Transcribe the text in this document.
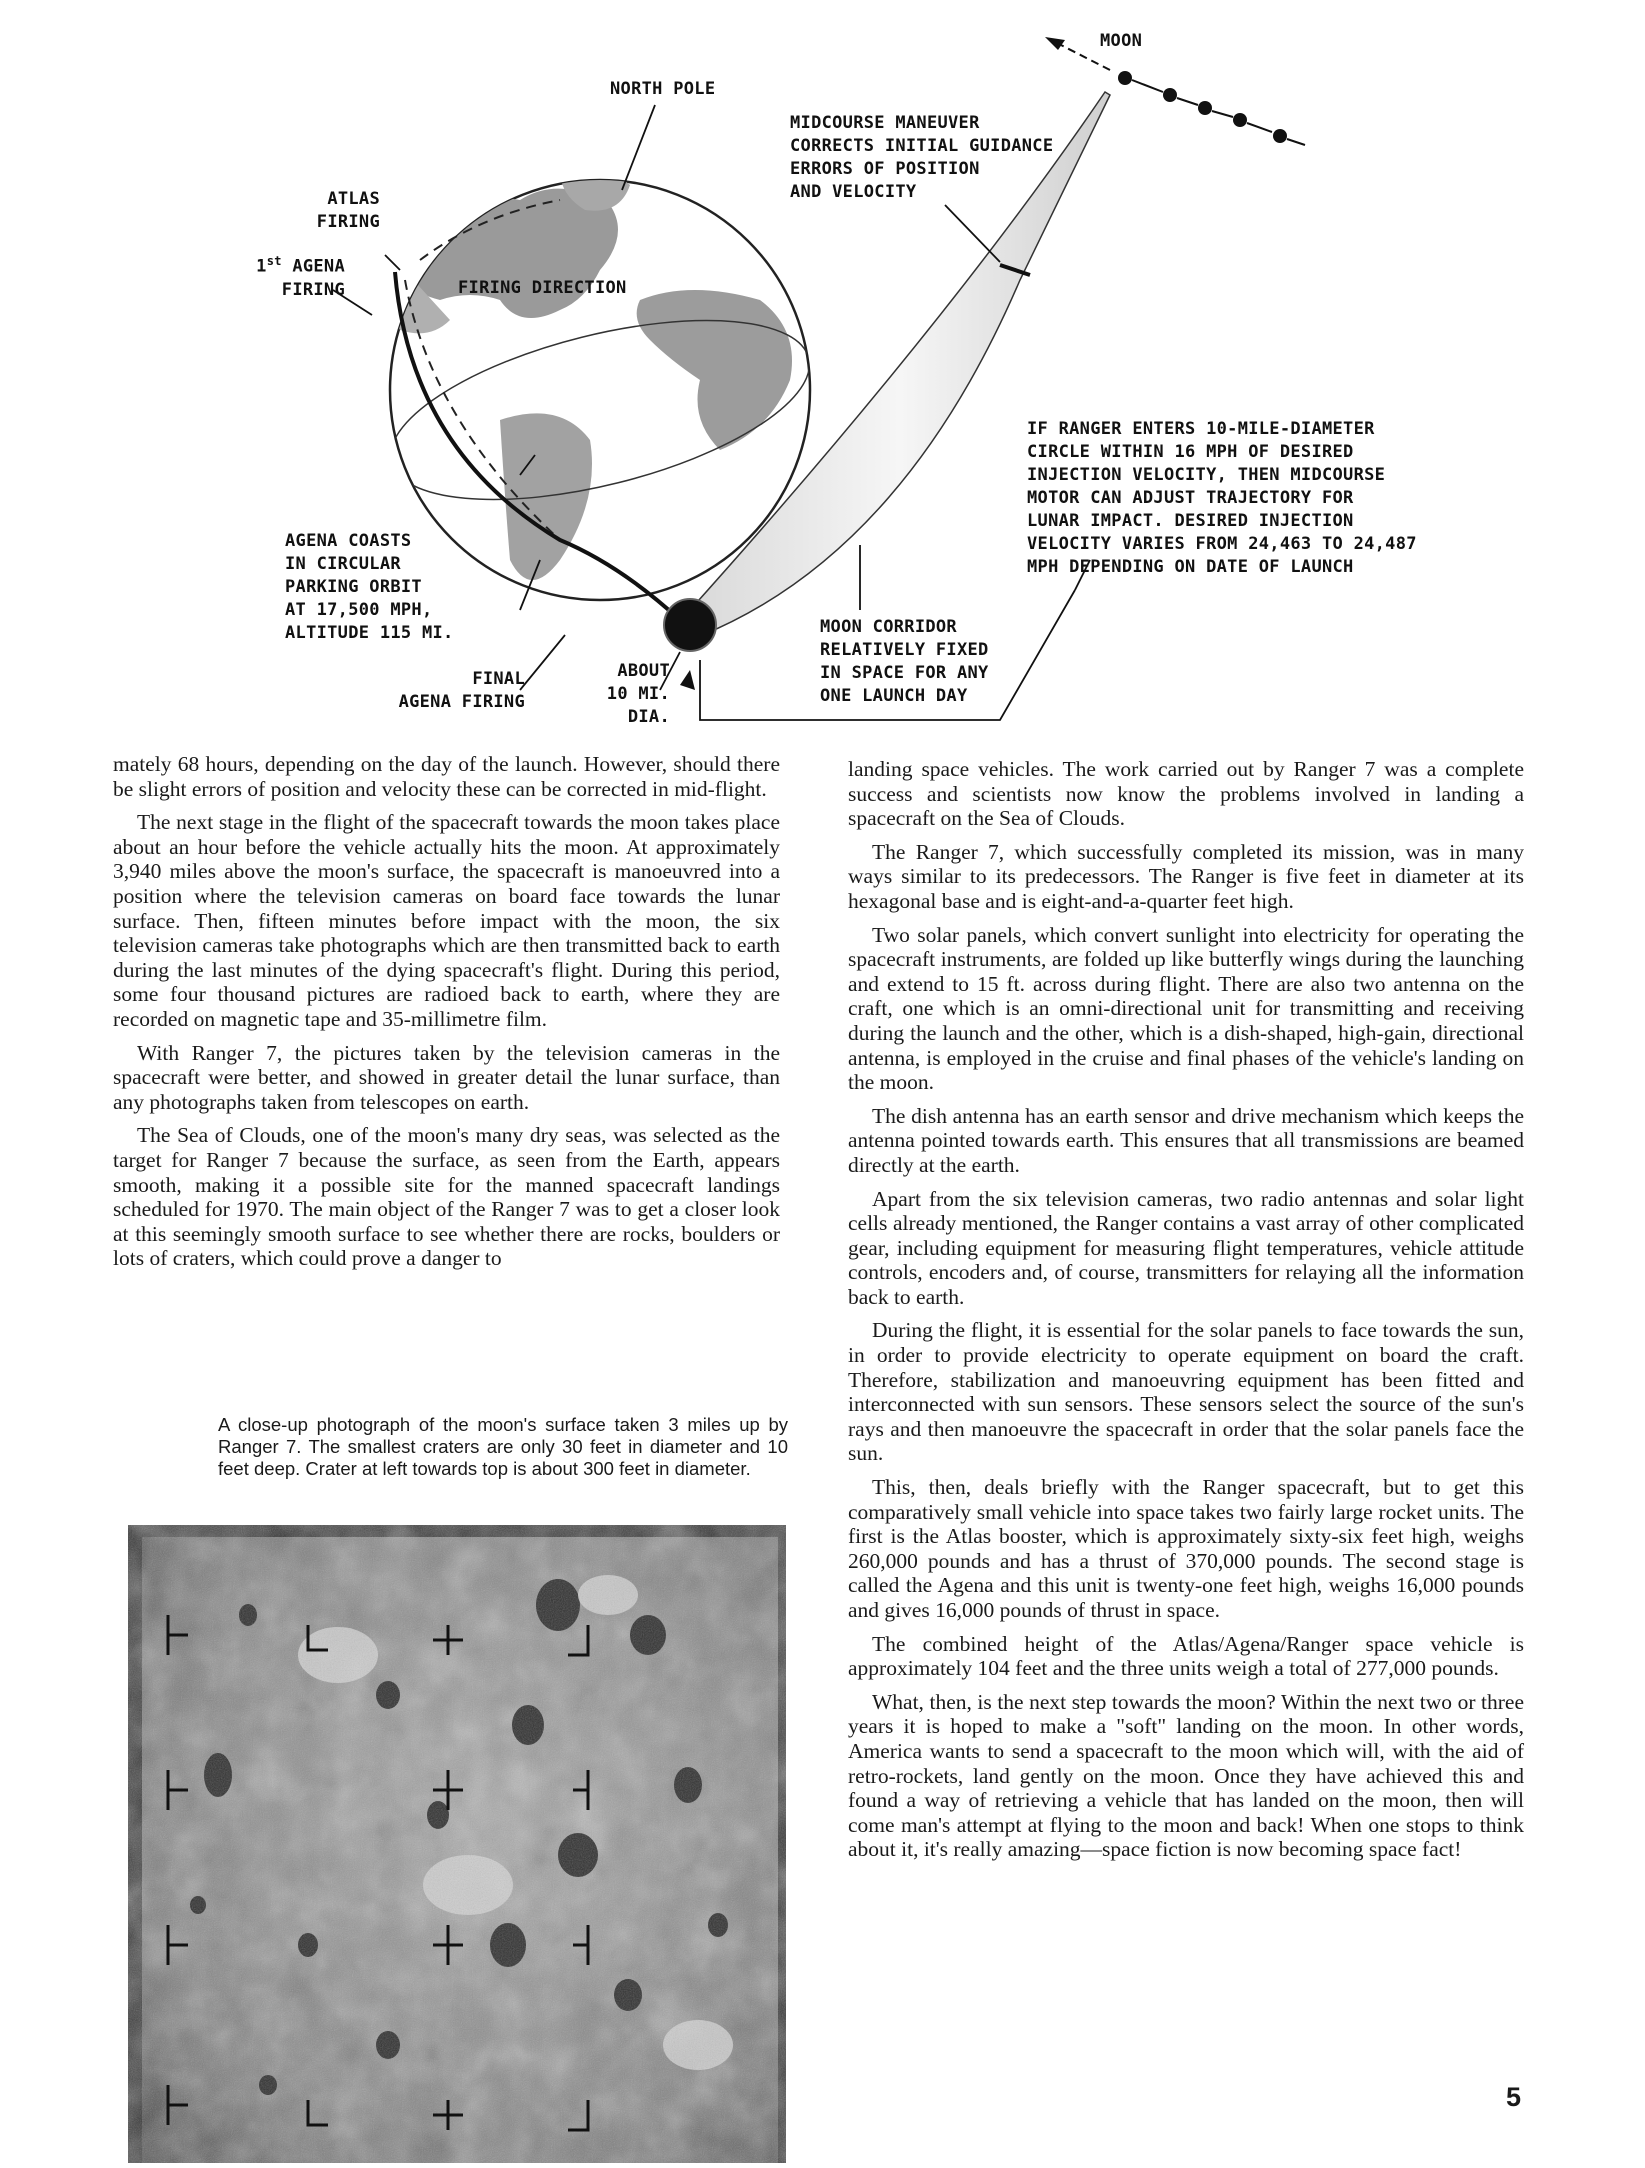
MOON

NORTH POLE

MIDCOURSE MANEUVER
CORRECTS INITIAL GUIDANCE
ERRORS OF POSITION
AND VELOCITY

ATLAS
FIRING

1st AGENA
FIRING	FIRING DIRECTION

IF RANGER ENTERS 10-MILE-DIAMETER
CIRCLE WITHIN 16 MPH OF DESIRED
INJECTION VELOCITY, THEN MIDCOURSE
MOTOR CAN ADJUST TRAJECTORY FOR
LUNAR IMPACT. DESIRED INJECTION
VELOCITY VARIES FROM 24,463 TO 24,487
MPH DEPENDING ON DATE OF LAUNCH

AGENA COASTS
IN CIRCULAR
PARKING ORBIT
AT 17,500 MPH,
ALTITUDE 115 MI.

FINAL
AGENA FIRING

ABOUT
10 MI. DIA.

MOON CORRIDOR
RELATIVELY FIXED
IN SPACE FOR ANY
ONE LAUNCH DAY

mately 68 hours, depending on the day of the launch. However, should there be slight errors of position and velocity these can be corrected in mid-flight.

The next stage in the flight of the spacecraft towards the moon takes place about an hour before the vehicle actually hits the moon. At approximately 3,940 miles above the moon's surface, the spacecraft is manoeuvred into a position where the television cameras on board face towards the lunar surface. Then, fifteen minutes before impact with the moon, the six television cameras take photographs which are then transmitted back to earth during the last minutes of the dying spacecraft's flight. During this period, some four thousand pictures are radioed back to earth, where they are recorded on magnetic tape and 35-millimetre film.

With Ranger 7, the pictures taken by the television cameras in the spacecraft were better, and showed in greater detail the lunar surface, than any photographs taken from telescopes on earth.

The Sea of Clouds, one of the moon's many dry seas, was selected as the target for Ranger 7 because the surface, as seen from the Earth, appears smooth, making it a possible site for the manned spacecraft landings scheduled for 1970. The main object of the Ranger 7 was to get a closer look at this seemingly smooth surface to see whether there are rocks, boulders or lots of craters, which could prove a danger to

A close-up photograph of the moon's surface taken 3 miles up by Ranger 7. The smallest craters are only 30 feet in diameter and 10 feet deep. Crater at left towards top is about 300 feet in diameter.

landing space vehicles. The work carried out by Ranger 7 was a complete success and scientists now know the problems involved in landing a spacecraft on the Sea of Clouds.

The Ranger 7, which successfully completed its mission, was in many ways similar to its predecessors. The Ranger is five feet in diameter at its hexagonal base and is eight-and-a-quarter feet high.

Two solar panels, which convert sunlight into electricity for operating the spacecraft instruments, are folded up like butterfly wings during the launching and extend to 15 ft. across during flight. There are also two antenna on the craft, one which is an omni-directional unit for transmitting and receiving during the launch and the other, which is a dish-shaped, high-gain, directional antenna, is employed in the cruise and final phases of the vehicle's landing on the moon.

The dish antenna has an earth sensor and drive mechanism which keeps the antenna pointed towards earth. This ensures that all transmissions are beamed directly at the earth.

Apart from the six television cameras, two radio antennas and solar light cells already mentioned, the Ranger contains a vast array of other complicated gear, including equipment for measuring flight temperatures, vehicle attitude controls, encoders and, of course, transmitters for relaying all the information back to earth.

During the flight, it is essential for the solar panels to face towards the sun, in order to provide electricity to operate equipment on board the craft. Therefore, stabilization and manoeuvring equipment has been fitted and interconnected with sun sensors. These sensors select the source of the sun's rays and then manoeuvre the spacecraft in order that the solar panels face the sun.

This, then, deals briefly with the Ranger spacecraft, but to get this comparatively small vehicle into space takes two fairly large rocket units. The first is the Atlas booster, which is approximately sixty-six feet high, weighs 260,000 pounds and has a thrust of 370,000 pounds. The second stage is called the Agena and this unit is twenty-one feet high, weighs 16,000 pounds and gives 16,000 pounds of thrust in space.

The combined height of the Atlas/Agena/Ranger space vehicle is approximately 104 feet and the three units weigh a total of 277,000 pounds.

What, then, is the next step towards the moon? Within the next two or three years it is hoped to make a "soft" landing on the moon. In other words, America wants to send a spacecraft to the moon which will, with the aid of retro-rockets, land gently on the moon. Once they have achieved this and found a way of retrieving a vehicle that has landed on the moon, then will come man's attempt at flying to the moon and back! When one stops to think about it, it's really amazing—space fiction is now becoming space fact!

5
